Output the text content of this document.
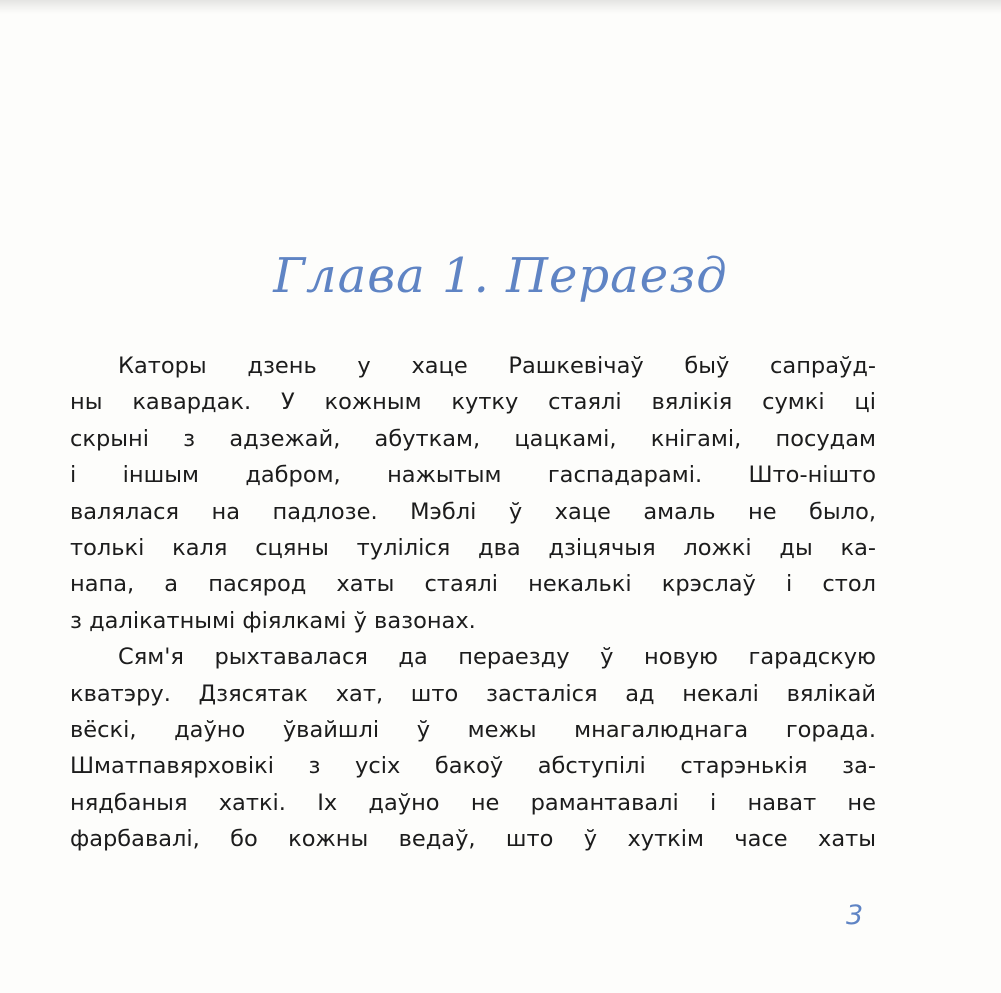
Глава 1. Пераезд
Каторы дзень у хаце Рашкевічаў быў сапраўд-
ны кавардак. У кожным кутку стаялі вялікія сумкі ці
скрыні з адзежай, абуткам, цацкамі, кнігамі, посудам
і іншым дабром, нажытым гаспадарамі. Што-нішто
валялася на падлозе. Мэблі ў хаце амаль не было,
толькі каля сцяны туліліся два дзіцячыя ложкі ды ка-
напа, а пасярод хаты стаялі некалькі крэслаў і стол
з далікатнымі фіялкамі ў вазонах.
Сям'я рыхтавалася да пераезду ў новую гарадскую
кватэру. Дзясятак хат, што засталіся ад некалі вялікай
вёскі, даўно ўвайшлі ў межы мнагалюднага горада.
Шматпавярховікі з усіх бакоў абступілі старэнькія за-
нядбаныя хаткі. Іх даўно не рамантавалі і нават не
фарбавалі, бо кожны ведаў, што ў хуткім часе хаты
3
